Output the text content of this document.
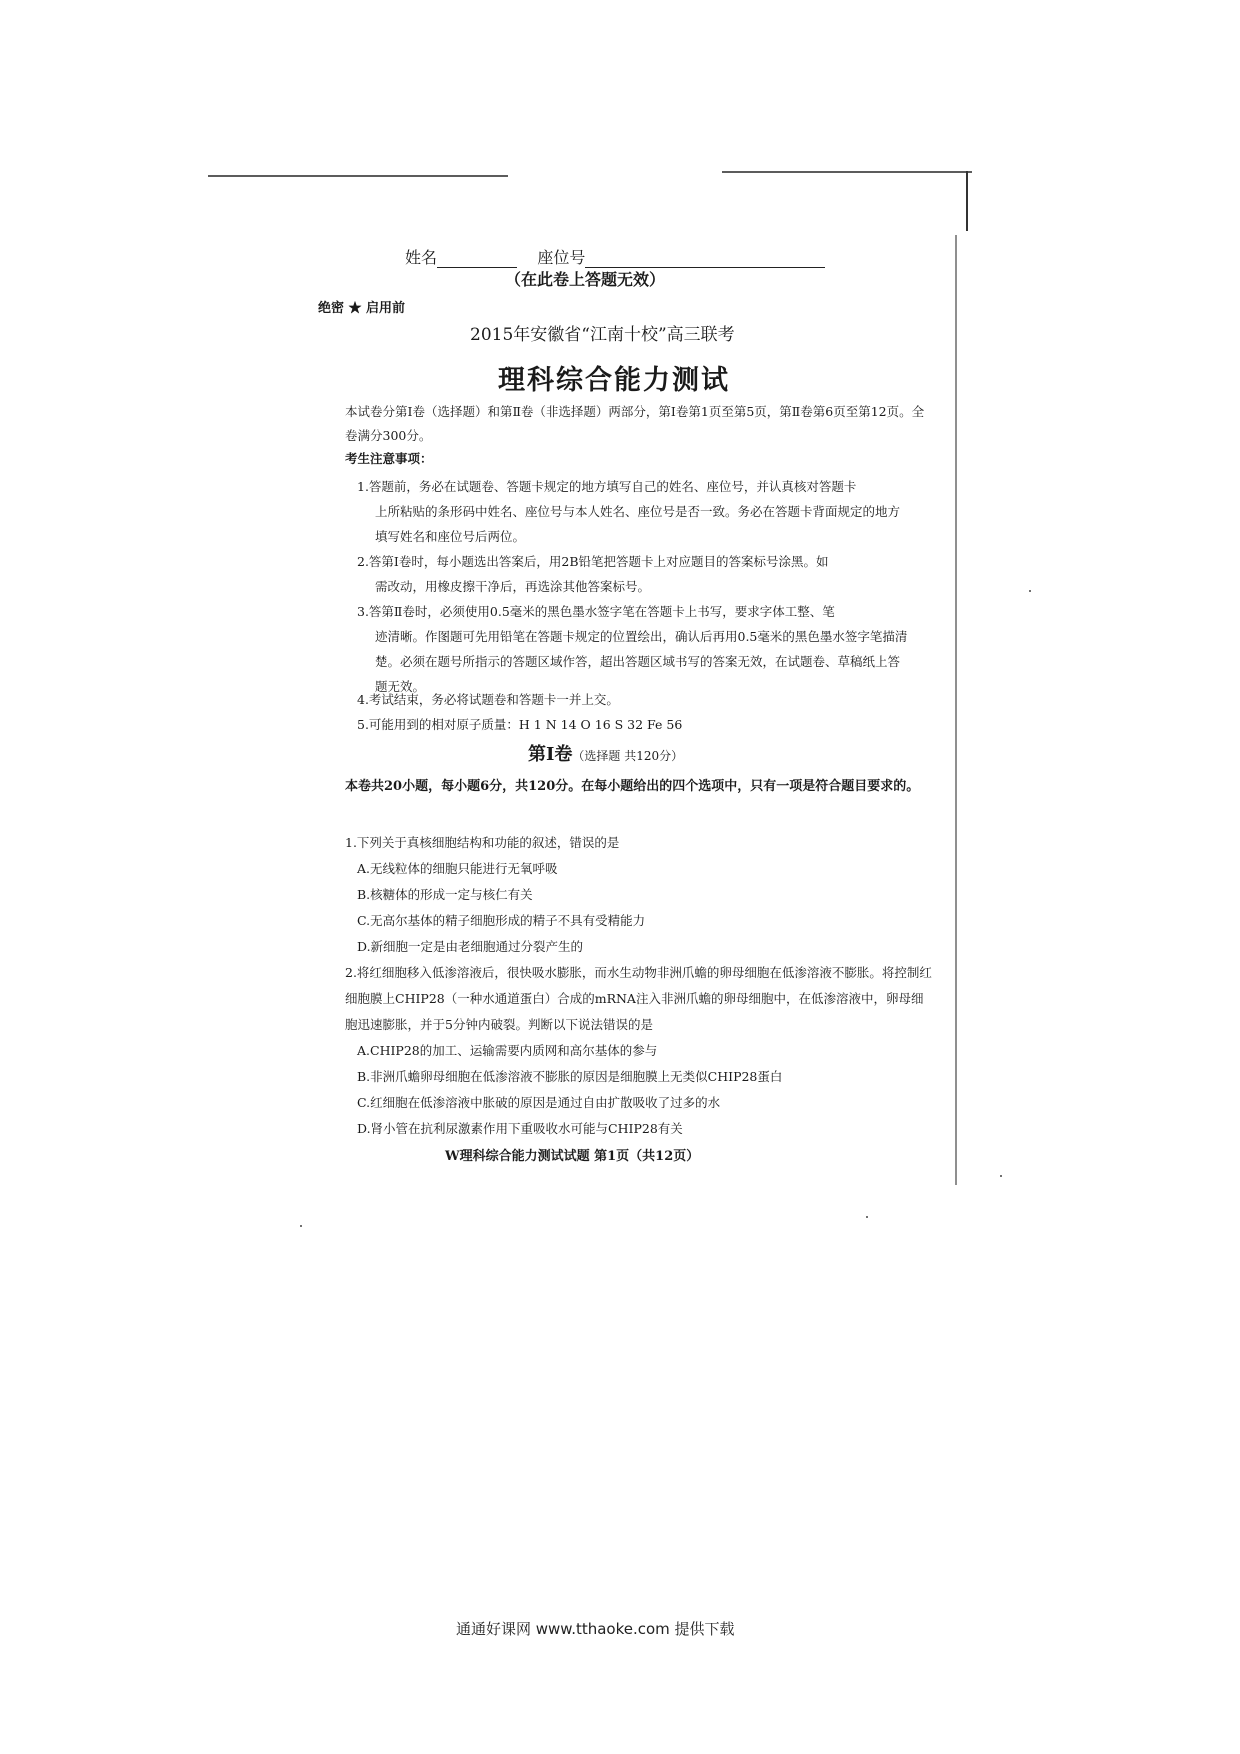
姓名	座位号
（在此卷上答题无效）
绝密 ★ 启用前
2015年安徽省“江南十校”高三联考
理科综合能力测试
本试卷分第Ⅰ卷（选择题）和第Ⅱ卷（非选择题）两部分，第Ⅰ卷第1页至第5页，第Ⅱ卷第6页至第12页。全卷满分300分。
考生注意事项：
1.答题前，务必在试题卷、答题卡规定的地方填写自己的姓名、座位号，并认真核对答题卡
上所粘贴的条形码中姓名、座位号与本人姓名、座位号是否一致。务必在答题卡背面规定的地方填写姓名和座位号后两位。
2.答第Ⅰ卷时，每小题选出答案后，用2B铅笔把答题卡上对应题目的答案标号涂黑。如
需改动，用橡皮擦干净后，再选涂其他答案标号。
3.答第Ⅱ卷时，必须使用0.5毫米的黑色墨水签字笔在答题卡上书写，要求字体工整、笔
迹清晰。作图题可先用铅笔在答题卡规定的位置绘出，确认后再用0.5毫米的黑色墨水签字笔描清楚。必须在题号所指示的答题区域作答，超出答题区域书写的答案无效，在试题卷、草稿纸上答题无效。
4.考试结束，务必将试题卷和答题卡一并上交。
5.可能用到的相对原子质量：H 1 N 14 O 16 S 32 Fe 56
第Ⅰ卷（选择题 共120分）
本卷共20小题，每小题6分，共120分。在每小题给出的四个选项中，只有一项是符合题目要求的。
1.下列关于真核细胞结构和功能的叙述，错误的是
A.无线粒体的细胞只能进行无氧呼吸
B.核糖体的形成一定与核仁有关
C.无高尔基体的精子细胞形成的精子不具有受精能力
D.新细胞一定是由老细胞通过分裂产生的
2.将红细胞移入低渗溶液后，很快吸水膨胀，而水生动物非洲爪蟾的卵母细胞在低渗溶液不膨胀。将控制红细胞膜上CHIP28（一种水通道蛋白）合成的mRNA注入非洲爪蟾的卵母细胞中，在低渗溶液中，卵母细胞迅速膨胀，并于5分钟内破裂。判断以下说法错误的是
A.CHIP28的加工、运输需要内质网和高尔基体的参与
B.非洲爪蟾卵母细胞在低渗溶液不膨胀的原因是细胞膜上无类似CHIP28蛋白
C.红细胞在低渗溶液中胀破的原因是通过自由扩散吸收了过多的水
D.肾小管在抗利尿激素作用下重吸收水可能与CHIP28有关
W理科综合能力测试试题 第1页（共12页）
通通好课网 www.tthaoke.com 提供下载
